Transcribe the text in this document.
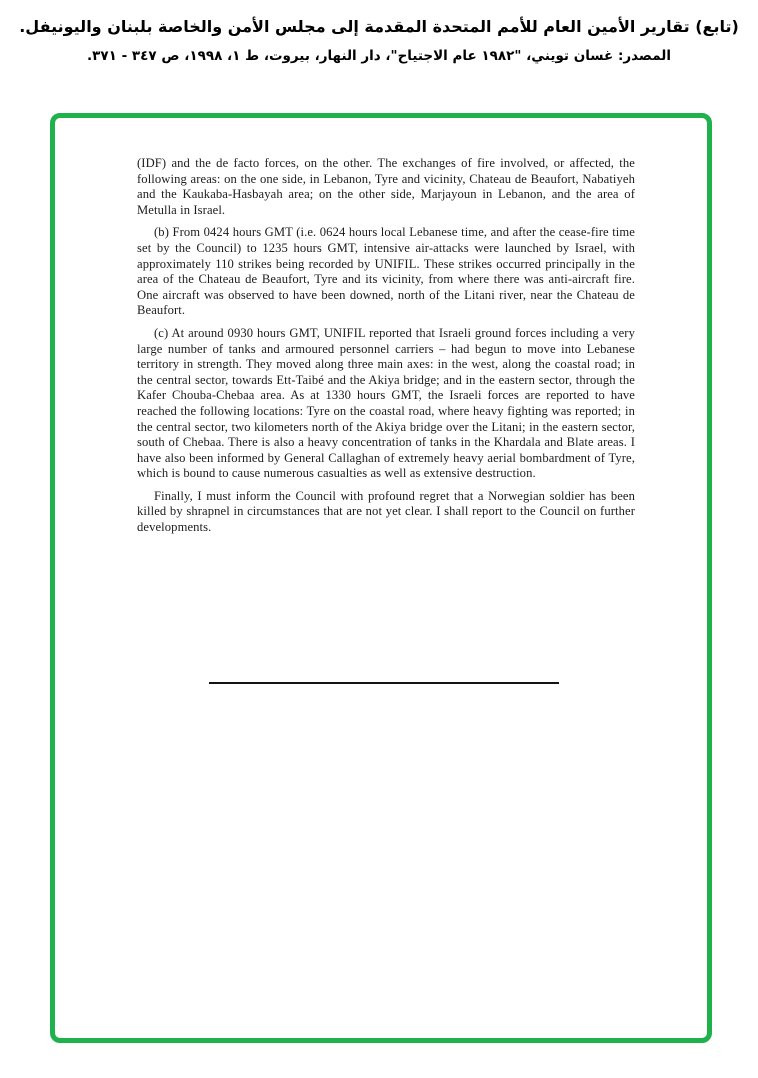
(تابع) تقارير الأمين العام للأمم المتحدة المقدمة إلى مجلس الأمن والخاصة بلبنان واليونيفل.
المصدر: غسان تويني، "١٩٨٢ عام الاجتياح"، دار النهار، بيروت، ط ١، ١٩٩٨، ص ٣٤٧ - ٣٧١.

(IDF) and the de facto forces, on the other. The exchanges of fire involved, or affected, the following areas: on the one side, in Lebanon, Tyre and vicinity, Chateau de Beaufort, Nabatiyeh and the Kaukaba-Hasbayah area; on the other side, Marjayoun in Lebanon, and the area of Metulla in Israel.

(b) From 0424 hours GMT (i.e. 0624 hours local Lebanese time, and after the cease-fire time set by the Council) to 1235 hours GMT, intensive air-attacks were launched by Israel, with approximately 110 strikes being recorded by UNIFIL. These strikes occurred principally in the area of the Chateau de Beaufort, Tyre and its vicinity, from where there was anti-aircraft fire. One aircraft was observed to have been downed, north of the Litani river, near the Chateau de Beaufort.

(c) At around 0930 hours GMT, UNIFIL reported that Israeli ground forces including a very large number of tanks and armoured personnel carriers – had begun to move into Lebanese territory in strength. They moved along three main axes: in the west, along the coastal road; in the central sector, towards Ett-Taibé and the Akiya bridge; and in the eastern sector, through the Kafer Chouba-Chebaa area. As at 1330 hours GMT, the Israeli forces are reported to have reached the following locations: Tyre on the coastal road, where heavy fighting was reported; in the central sector, two kilometers north of the Akiya bridge over the Litani; in the eastern sector, south of Chebaa. There is also a heavy concentration of tanks in the Khardala and Blate areas. I have also been informed by General Callaghan of extremely heavy aerial bombardment of Tyre, which is bound to cause numerous casualties as well as extensive destruction.

Finally, I must inform the Council with profound regret that a Norwegian soldier has been killed by shrapnel in circumstances that are not yet clear. I shall report to the Council on further developments.
